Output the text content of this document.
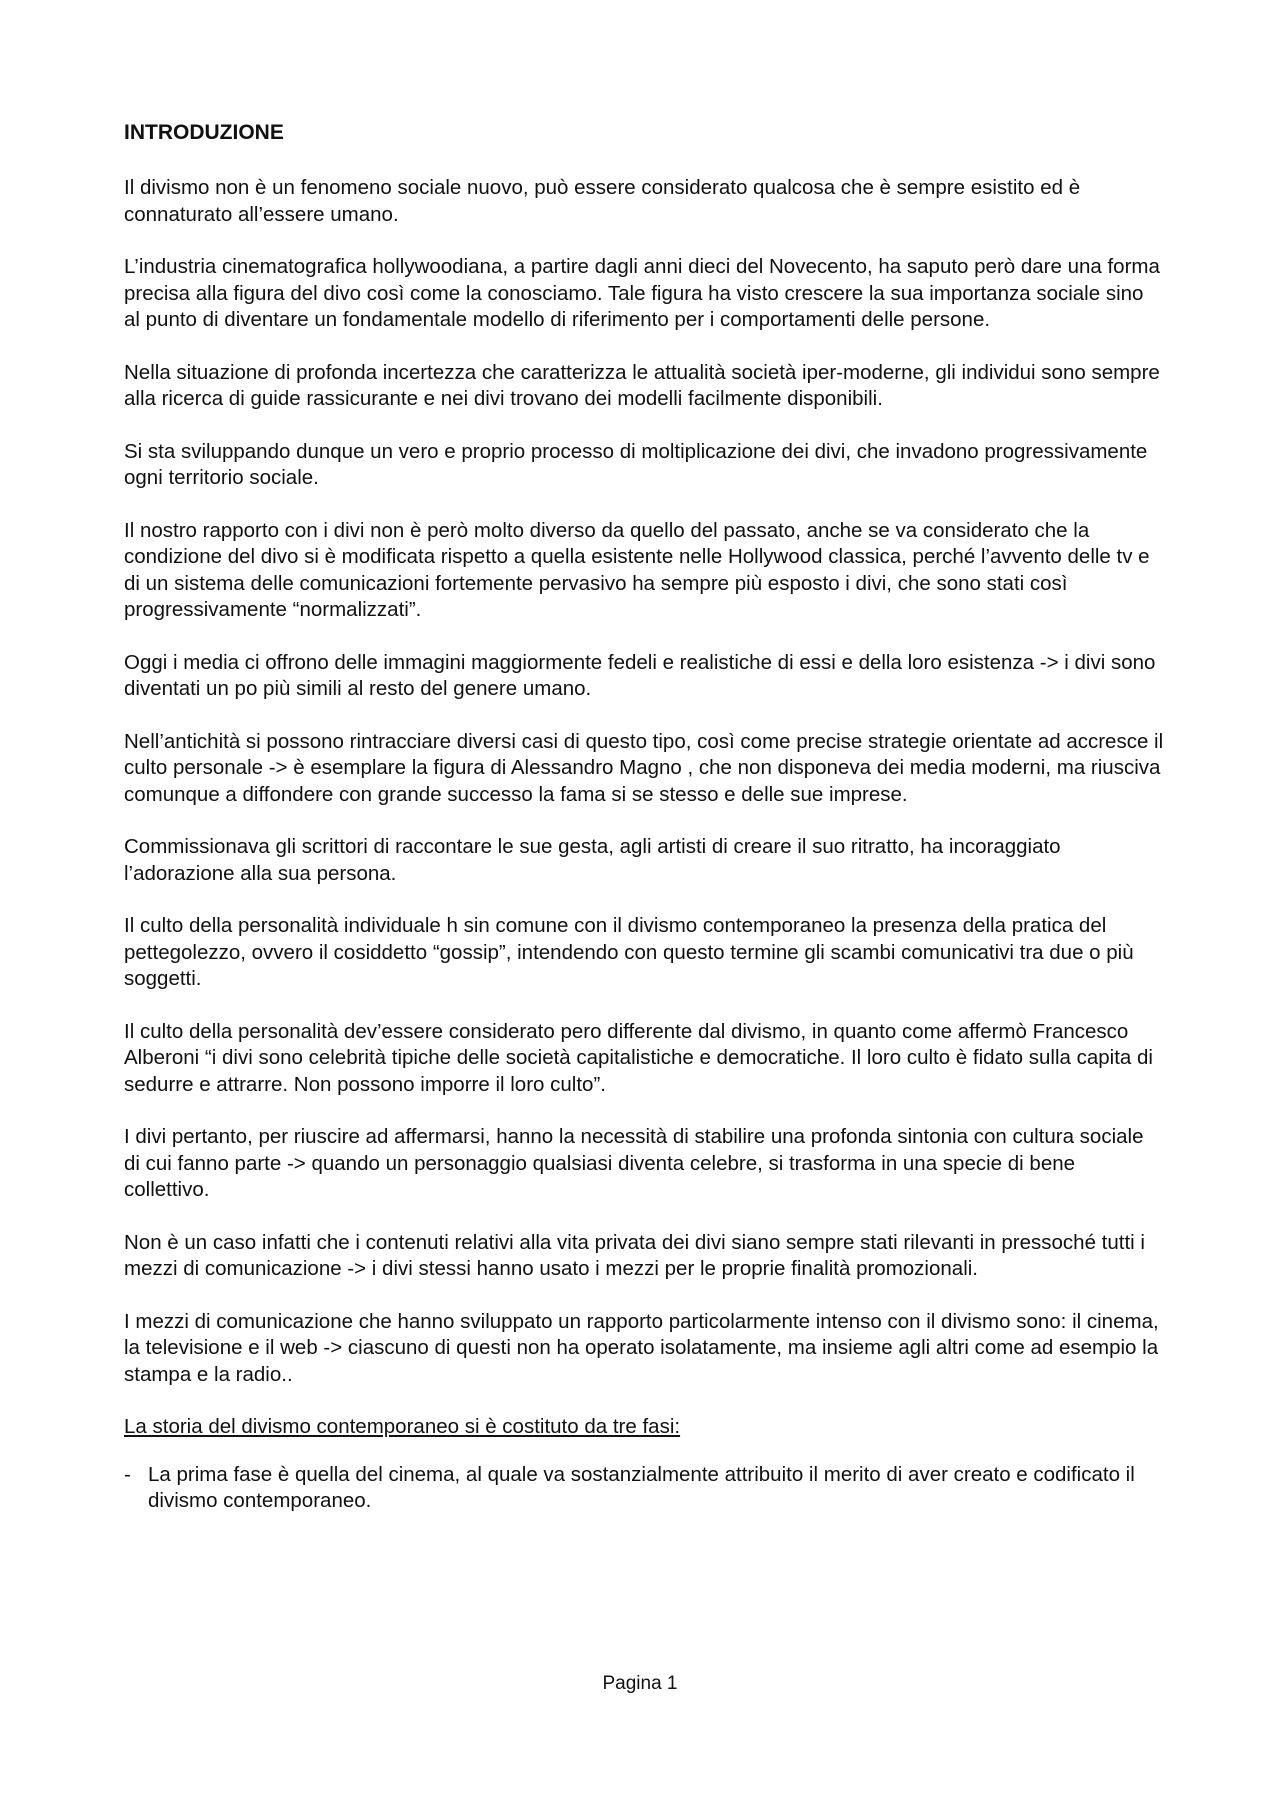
INTRODUZIONE

Il divismo non è un fenomeno sociale nuovo, può essere considerato qualcosa che è sempre esistito ed è connaturato all’essere umano.

L’industria cinematografica hollywoodiana, a partire dagli anni dieci del Novecento, ha saputo però dare una forma precisa alla figura del divo così come la conosciamo. Tale figura ha visto crescere la sua importanza sociale sino al punto di diventare un fondamentale modello di riferimento per i comportamenti delle persone.

Nella situazione di profonda incertezza che caratterizza le attualità società iper-moderne, gli individui sono sempre alla ricerca di guide rassicurante e nei divi trovano dei modelli facilmente disponibili.

Si sta sviluppando dunque un vero e proprio processo di moltiplicazione dei divi, che invadono progressivamente ogni territorio sociale.

Il nostro rapporto con i divi non è però molto diverso da quello del passato, anche se va considerato che la condizione del divo si è modificata rispetto a quella esistente nelle Hollywood classica, perché l’avvento delle tv e di un sistema delle comunicazioni fortemente pervasivo ha sempre più esposto i divi, che sono stati così progressivamente “normalizzati”.

Oggi i media ci offrono delle immagini maggiormente fedeli e realistiche di essi e della loro esistenza -> i divi sono diventati un po più simili al resto del genere umano.

Nell’antichità si possono rintracciare diversi casi di questo tipo, così come precise strategie orientate ad accresce il culto personale -> è esemplare la figura di Alessandro Magno , che non disponeva dei media moderni, ma riusciva comunque a diffondere con grande successo la fama si se stesso e delle sue imprese.

Commissionava gli scrittori di raccontare le sue gesta, agli artisti di creare il suo ritratto, ha incoraggiato l’adorazione alla sua persona.

Il culto della personalità individuale h sin comune con il divismo contemporaneo la presenza della pratica del pettegolezzo, ovvero il cosiddetto “gossip”, intendendo con questo termine gli scambi comunicativi tra due o più soggetti.

Il culto della personalità dev’essere considerato pero differente dal divismo, in quanto come affermò Francesco Alberoni “i divi sono celebrità tipiche delle società capitalistiche e democratiche. Il loro culto è fidato sulla capita di sedurre e attrarre. Non possono imporre il loro culto”.

I divi pertanto, per riuscire ad affermarsi, hanno la necessità di stabilire una profonda sintonia con cultura sociale di cui fanno parte -> quando un personaggio qualsiasi diventa celebre, si trasforma in una specie di bene collettivo.

Non è un caso infatti che i contenuti relativi alla vita privata dei divi siano sempre stati rilevanti in pressoché tutti i mezzi di comunicazione -> i divi stessi hanno usato i mezzi per le proprie finalità promozionali.

I mezzi di comunicazione che hanno sviluppato un rapporto particolarmente intenso con il divismo sono: il cinema, la televisione e il web -> ciascuno di questi non ha operato isolatamente, ma insieme agli altri come ad esempio la stampa e la radio..

La storia del divismo contemporaneo si è costituto da tre fasi:

- La prima fase è quella del cinema, al quale va sostanzialmente attribuito il merito di aver creato e codificato il divismo contemporaneo.
Pagina 1
